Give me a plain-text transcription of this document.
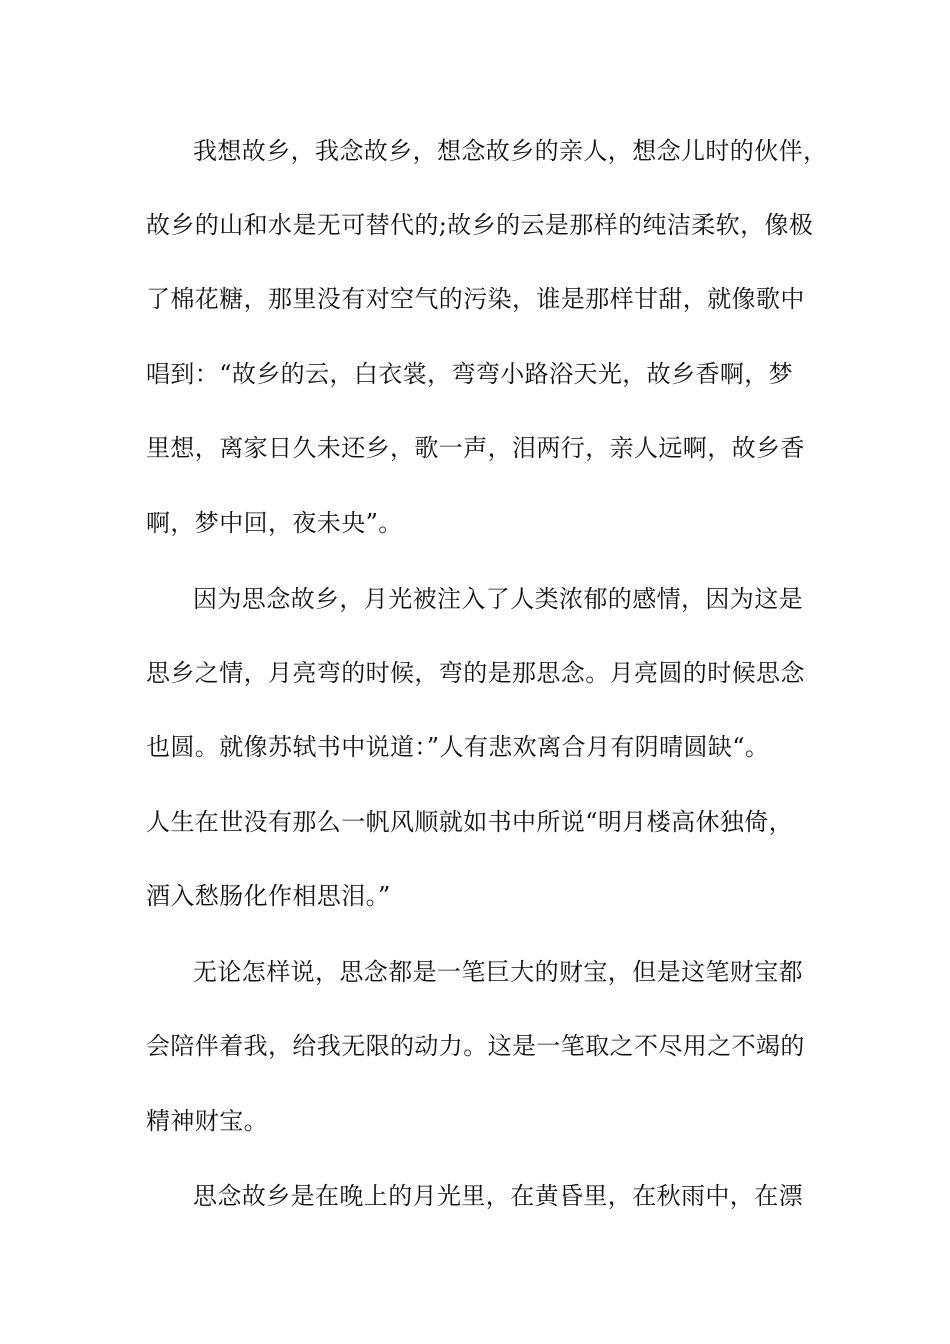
我想故乡，我念故乡，想念故乡的亲人，想念儿时的伙伴，
故乡的山和水是无可替代的;故乡的云是那样的纯洁柔软，像极
了棉花糖，那里没有对空气的污染，谁是那样甘甜，就像歌中
唱到：“故乡的云，白衣裳，弯弯小路浴天光，故乡香啊，梦
里想，离家日久未还乡，歌一声，泪两行，亲人远啊，故乡香
啊，梦中回，夜未央”。
因为思念故乡，月光被注入了人类浓郁的感情，因为这是
思乡之情，月亮弯的时候，弯的是那思念。月亮圆的时候思念
也圆。就像苏轼书中说道：”人有悲欢离合月有阴晴圆缺“。
人生在世没有那么一帆风顺就如书中所说“明月楼高休独倚，
酒入愁肠化作相思泪。”
无论怎样说，思念都是一笔巨大的财宝，但是这笔财宝都
会陪伴着我，给我无限的动力。这是一笔取之不尽用之不竭的
精神财宝。
思念故乡是在晚上的月光里，在黄昏里，在秋雨中，在漂
